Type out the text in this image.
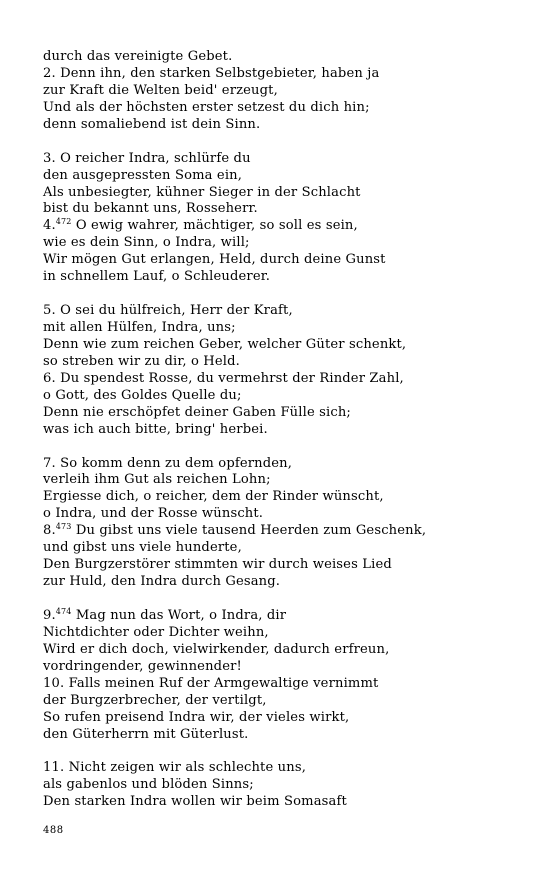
durch das vereinigte Gebet.
2. Denn ihn, den starken Selbstgebieter, haben ja
zur Kraft die Welten beid' erzeugt,
Und als der höchsten erster setzest du dich hin;
denn somaliebend ist dein Sinn.
3. O reicher Indra, schlürfe du
den ausgepressten Soma ein,
Als unbesiegter, kühner Sieger in der Schlacht
bist du bekannt uns, Rosseherr.
4.$^{472}$ O ewig wahrer, mächtiger, so soll es sein,
wie es dein Sinn, o Indra, will;
Wir mögen Gut erlangen, Held, durch deine Gunst
in schnellem Lauf, o Schleuderer.
5. O sei du hülfreich, Herr der Kraft,
mit allen Hülfen, Indra, uns;
Denn wie zum reichen Geber, welcher Güter schenkt,
so streben wir zu dir, o Held.
6. Du spendest Rosse, du vermehrst der Rinder Zahl,
o Gott, des Goldes Quelle du;
Denn nie erschöpfet deiner Gaben Fülle sich;
was ich auch bitte, bring' herbei.
7. So komm denn zu dem opfernden,
verleih ihm Gut als reichen Lohn;
Ergiesse dich, o reicher, dem der Rinder wünscht,
o Indra, und der Rosse wünscht.
8.$^{473}$ Du gibst uns viele tausend Heerden zum Geschenk,
und gibst uns viele hunderte,
Den Burgzerstörer stimmten wir durch weises Lied
zur Huld, den Indra durch Gesang.
9.$^{474}$ Mag nun das Wort, o Indra, dir
Nichtdichter oder Dichter weihn,
Wird er dich doch, vielwirkender, dadurch erfreun,
vordringender, gewinnender!
10. Falls meinen Ruf der Armgewaltige vernimmt
der Burgzerbrecher, der vertilgt,
So rufen preisend Indra wir, der vieles wirkt,
den Güterherrn mit Güterlust.
11. Nicht zeigen wir als schlechte uns,
als gabenlos und blöden Sinns;
Den starken Indra wollen wir beim Somasaft
488
